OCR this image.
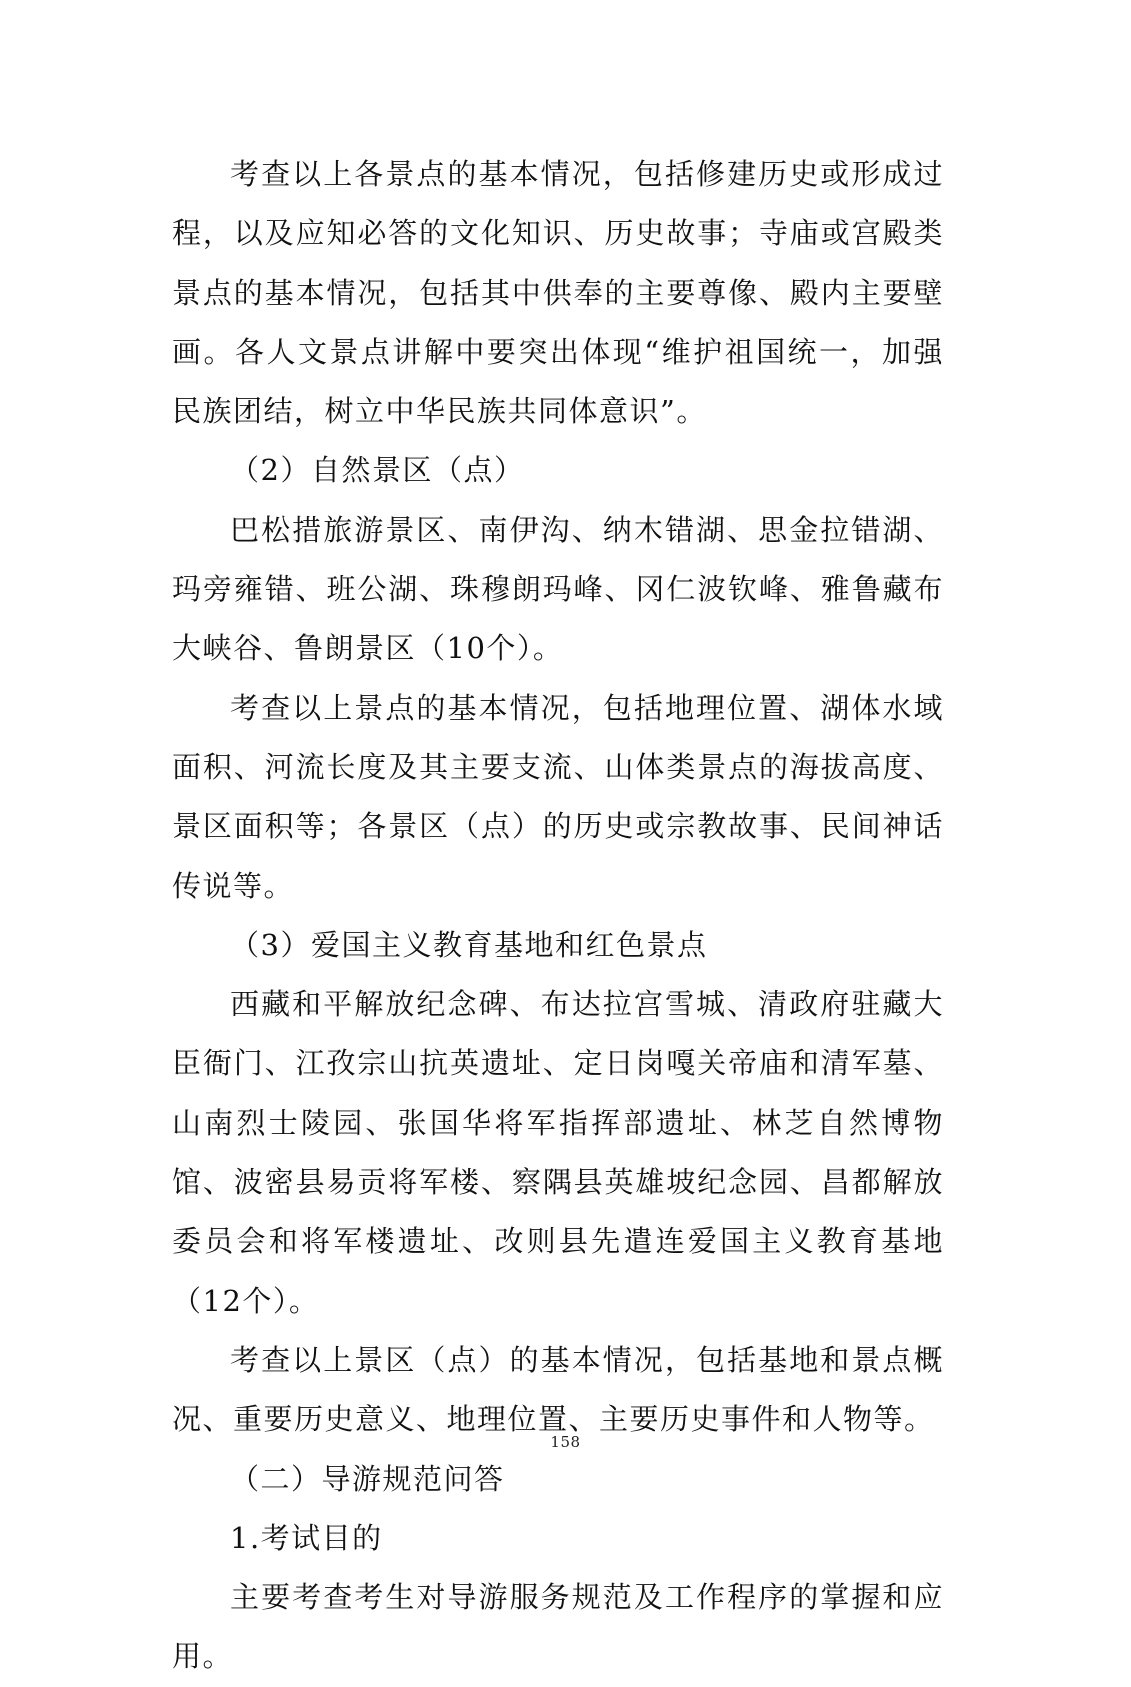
考查以上各景点的基本情况，包括修建历史或形成过程，以及应知必答的文化知识、历史故事；寺庙或宫殿类景点的基本情况，包括其中供奉的主要尊像、殿内主要壁画。各人文景点讲解中要突出体现“维护祖国统一，加强民族团结，树立中华民族共同体意识”。

（2）自然景区（点）

巴松措旅游景区、南伊沟、纳木错湖、思金拉错湖、玛旁雍错、班公湖、珠穆朗玛峰、冈仁波钦峰、雅鲁藏布大峡谷、鲁朗景区（10个）。

考查以上景点的基本情况，包括地理位置、湖体水域面积、河流长度及其主要支流、山体类景点的海拔高度、景区面积等；各景区（点）的历史或宗教故事、民间神话传说等。

（3）爱国主义教育基地和红色景点

西藏和平解放纪念碑、布达拉宫雪城、清政府驻藏大臣衙门、江孜宗山抗英遗址、定日岗嘎关帝庙和清军墓、山南烈士陵园、张国华将军指挥部遗址、林芝自然博物馆、波密县易贡将军楼、察隅县英雄坡纪念园、昌都解放委员会和将军楼遗址、改则县先遣连爱国主义教育基地（12个）。

考查以上景区（点）的基本情况，包括基地和景点概况、重要历史意义、地理位置、主要历史事件和人物等。

（二）导游规范问答

1.考试目的

主要考查考生对导游服务规范及工作程序的掌握和应用。

158
